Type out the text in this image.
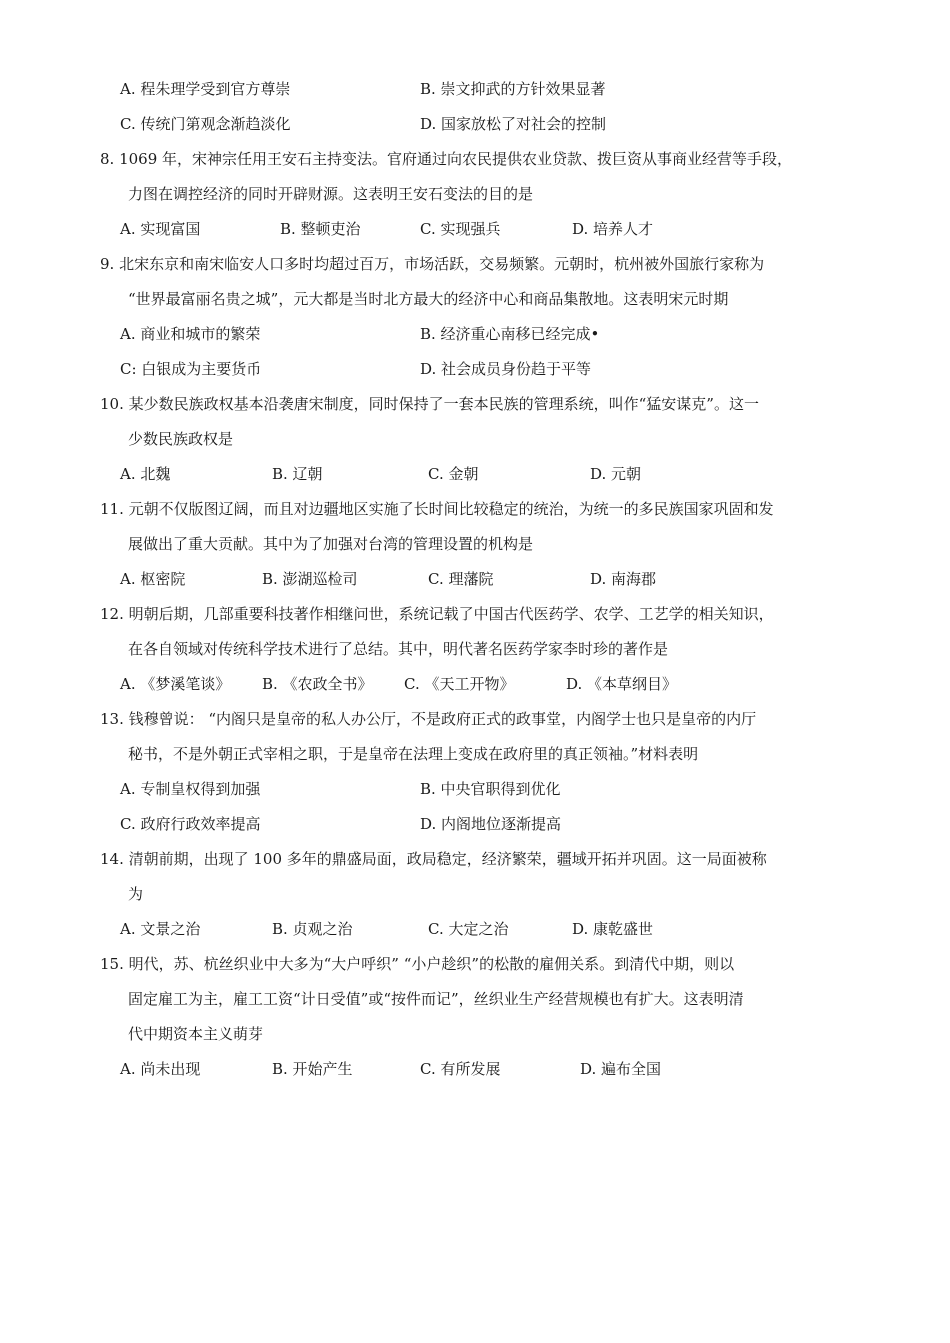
A. 程朱理学受到官方尊崇	B. 崇文抑武的方针效果显著
C. 传统门第观念渐趋淡化	D. 国家放松了对社会的控制
8. 1069 年，宋神宗任用王安石主持变法。官府通过向农民提供农业贷款、拨巨资从事商业经营等手段，
力图在调控经济的同时开辟财源。这表明王安石变法的目的是
A. 实现富国	B. 整顿吏治	C. 实现强兵	D. 培养人才
9. 北宋东京和南宋临安人口多时均超过百万，市场活跃，交易频繁。元朝时，杭州被外国旅行家称为
“世界最富丽名贵之城”，元大都是当时北方最大的经济中心和商品集散地。这表明宋元时期
A. 商业和城市的繁荣	B. 经济重心南移已经完成•
C: 白银成为主要货币	D. 社会成员身份趋于平等
10. 某少数民族政权基本沿袭唐宋制度，同时保持了一套本民族的管理系统，叫作“猛安谋克”。这一
少数民族政权是
A. 北魏	B. 辽朝	C. 金朝	D. 元朝
11. 元朝不仅版图辽阔，而且对边疆地区实施了长时间比较稳定的统治，为统一的多民族国家巩固和发
展做出了重大贡献。其中为了加强对台湾的管理设置的机构是
A. 枢密院	B. 澎湖巡检司	C. 理藩院	D. 南海郡
12. 明朝后期，几部重要科技著作相继问世，系统记载了中国古代医药学、农学、工艺学的相关知识，
在各自领域对传统科学技术进行了总结。其中，明代著名医药学家李时珍的著作是
A. 《梦溪笔谈》 B. 《农政全书》 C. 《天工开物》	D. 《本草纲目》
13. 钱穆曾说： “内阁只是皇帝的私人办公厅，不是政府正式的政事堂，内阁学士也只是皇帝的内厅
秘书，不是外朝正式宰相之职，于是皇帝在法理上变成在政府里的真正领袖。”材料表明
A. 专制皇权得到加强	B. 中央官职得到优化
C. 政府行政效率提高	D. 内阁地位逐渐提高
14. 清朝前期，出现了 100 多年的鼎盛局面，政局稳定，经济繁荣，疆域开拓并巩固。这一局面被称
为
A. 文景之治	B. 贞观之治	C. 大定之治	D. 康乾盛世
15. 明代，苏、杭丝织业中大多为“大户呼织” “小户趁织”的松散的雇佣关系。到清代中期，则以
固定雇工为主，雇工工资“计日受值”或“按件而记”，丝织业生产经营规模也有扩大。这表明清
代中期资本主义萌芽
A. 尚未出现	B. 开始产生	C. 有所发展	D. 遍布全国
